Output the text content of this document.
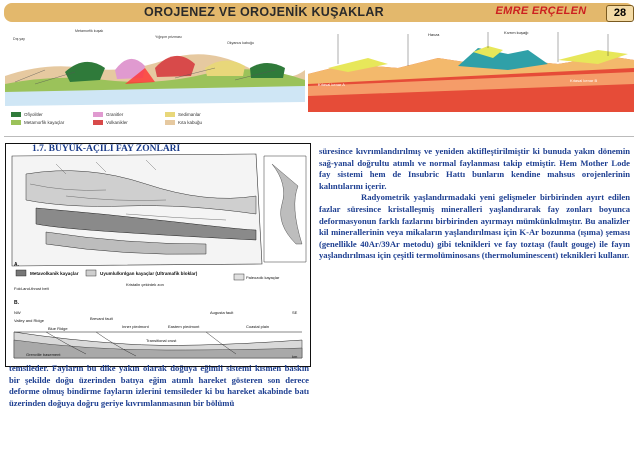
OROJENEZ VE OROJENİK KUŞAKLAR	EMRE ERÇELEN	28
Dış yay
Metamorfik kuşak
Yığışım prizması
Okyanus kabuğu
Ofiyolitler
Metamorfik kayaçlar
Granitler
Volkanikler
Sedimanlar
Kıta kabuğu
Kıtasal kenar A
Kıtasal kenar B
Havza	Kıvrım kuşağı
A.
Metavolkanik kayaçlar	Uyumlu/kırılgan kayaçlar (Ultramafik bloklar)
Paleozoik kayaçlar
Kristalin çekirdek zon
Fold-and-thrust belt
NW
Valley and Ridge
Blue Ridge
Brevard fault
Inner piedmont	Eastern piedmont
Augusta fault
Coastal plain
SE
Transitional crust
Grenville basement	km
B.
1.7. BÜYÜK-AÇILI FAY ZONLARI

temsileder. Fayların bu dike yakın olarak doğuya eğimli sistemi kısmen baskın bir şekilde doğu üzerinden batıya eğim atımlı hareket gösteren son derece deforme olmuş bindirme fayların izlerini temsileder ki bu hareket akabinde batı üzerinden doğuya doğru geriye kıvrımlanmasının bir bölümü

süresince kıvrımlandırılmış ve yeniden aktifleştirilmiştir ki bunuda yakın dönemin sağ-yanal doğrultu atımlı ve normal faylanması takip etmiştir. Hem Mother Lode fay sistemi hem de Insubric Hattı bunların kendine mahsus orojenlerinin kalıntılarını içerir.

Radyometrik yaşlandırmadaki yeni gelişmeler birbirinden ayırt edilen fazlar süresince kristalleşmiş mineralleri yaşlandırarak fay zonları boyunca deformasyonun farklı fazlarını birbirinden ayırmayı mümkünkılmıştır. Bu analizler kil minerallerinin veya mikaların yaşlandırılması için K-Ar bozunma (ışıma) şeması (genellikle 40Ar/39Ar metodu) gibi teknikleri ve fay toztaşı (fault gouge) ile fayın yaşlandırılması için çeşitli termolüminosans (thermoluminescent) teknikleri kullanır.
